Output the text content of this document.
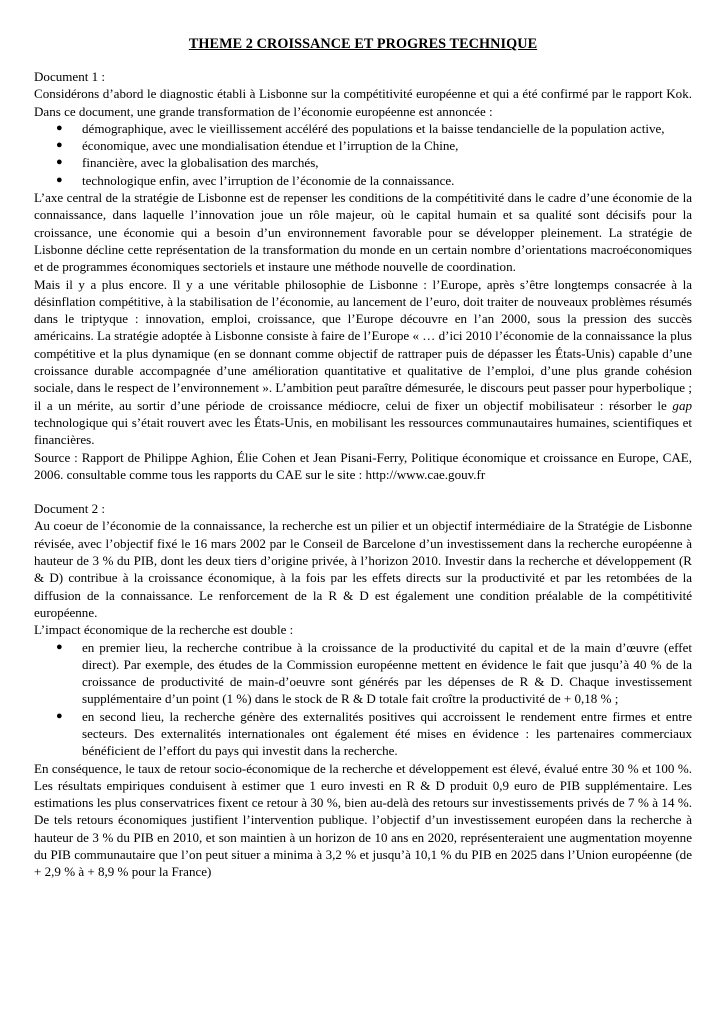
THEME 2 CROISSANCE ET PROGRES TECHNIQUE

Document 1 :

Considérons d’abord le diagnostic établi à Lisbonne sur la compétitivité européenne et qui a été confirmé par le rapport Kok. Dans ce document, une grande transformation de l’économie européenne est annoncée :

● démographique, avec le vieillissement accéléré des populations et la baisse tendancielle de la population active,
● économique, avec une mondialisation étendue et l’irruption de la Chine,
● financière, avec la globalisation des marchés,
● technologique enfin, avec l’irruption de l’économie de la connaissance.

L’axe central de la stratégie de Lisbonne est de repenser les conditions de la compétitivité dans le cadre d’une économie de la connaissance, dans laquelle l’innovation joue un rôle majeur, où le capital humain et sa qualité sont décisifs pour la croissance, une économie qui a besoin d’un environnement favorable pour se développer pleinement. La stratégie de Lisbonne décline cette représentation de la transformation du monde en un certain nombre d’orientations macroéconomiques et de programmes économiques sectoriels et instaure une méthode nouvelle de coordination.

Mais il y a plus encore. Il y a une véritable philosophie de Lisbonne : l’Europe, après s’être longtemps consacrée à la désinflation compétitive, à la stabilisation de l’économie, au lancement de l’euro, doit traiter de nouveaux problèmes résumés dans le triptyque : innovation, emploi, croissance, que l’Europe découvre en l’an 2000, sous la pression des succès américains. La stratégie adoptée à Lisbonne consiste à faire de l’Europe « … d’ici 2010 l’économie de la connaissance la plus compétitive et la plus dynamique (en se donnant comme objectif de rattraper puis de dépasser les États-Unis) capable d’une croissance durable accompagnée d’une amélioration quantitative et qualitative de l’emploi, d’une plus grande cohésion sociale, dans le respect de l’environnement ». L’ambition peut paraître démesurée, le discours peut passer pour hyperbolique ; il a un mérite, au sortir d’une période de croissance médiocre, celui de fixer un objectif mobilisateur : résorber le gap technologique qui s’était rouvert avec les États-Unis, en mobilisant les ressources communautaires humaines, scientifiques et financières.

Source : Rapport de Philippe Aghion, Élie Cohen et Jean Pisani-Ferry, Politique économique et croissance en Europe, CAE, 2006. consultable comme tous les rapports du CAE sur le site : http://www.cae.gouv.fr

Document 2 :

Au coeur de l’économie de la connaissance, la recherche est un pilier et un objectif intermédiaire de la Stratégie de Lisbonne révisée, avec l’objectif fixé le 16 mars 2002 par le Conseil de Barcelone d’un investissement dans la recherche européenne à hauteur de 3 % du PIB, dont les deux tiers d’origine privée, à l’horizon 2010. Investir dans la recherche et développement (R & D) contribue à la croissance économique, à la fois par les effets directs sur la productivité et par les retombées de la diffusion de la connaissance. Le renforcement de la R & D est également une condition préalable de la compétitivité européenne.

L’impact économique de la recherche est double :

● en premier lieu, la recherche contribue à la croissance de la productivité du capital et de la main d’œuvre (effet direct). Par exemple, des études de la Commission européenne mettent en évidence le fait que jusqu’à 40 % de la croissance de productivité de main-d’oeuvre sont générés par les dépenses de R & D. Chaque investissement supplémentaire d’un point (1 %) dans le stock de R & D totale fait croître la productivité de + 0,18 % ;
● en second lieu, la recherche génère des externalités positives qui accroissent le rendement entre firmes et entre secteurs. Des externalités internationales ont également été mises en évidence : les partenaires commerciaux bénéficient de l’effort du pays qui investit dans la recherche.

En conséquence, le taux de retour socio-économique de la recherche et développement est élevé, évalué entre 30 % et 100 %. Les résultats empiriques conduisent à estimer que 1 euro investi en R & D produit 0,9 euro de PIB supplémentaire. Les estimations les plus conservatrices fixent ce retour à 30 %, bien au-delà des retours sur investissements privés de 7 % à 14 %. De tels retours économiques justifient l’intervention publique. l’objectif d’un investissement européen dans la recherche à hauteur de 3 % du PIB en 2010, et son maintien à un horizon de 10 ans en 2020, représenteraient une augmentation moyenne du PIB communautaire que l’on peut situer a minima à 3,2 % et jusqu’à 10,1 % du PIB en 2025 dans l’Union européenne (de + 2,9 % à + 8,9 % pour la France)
